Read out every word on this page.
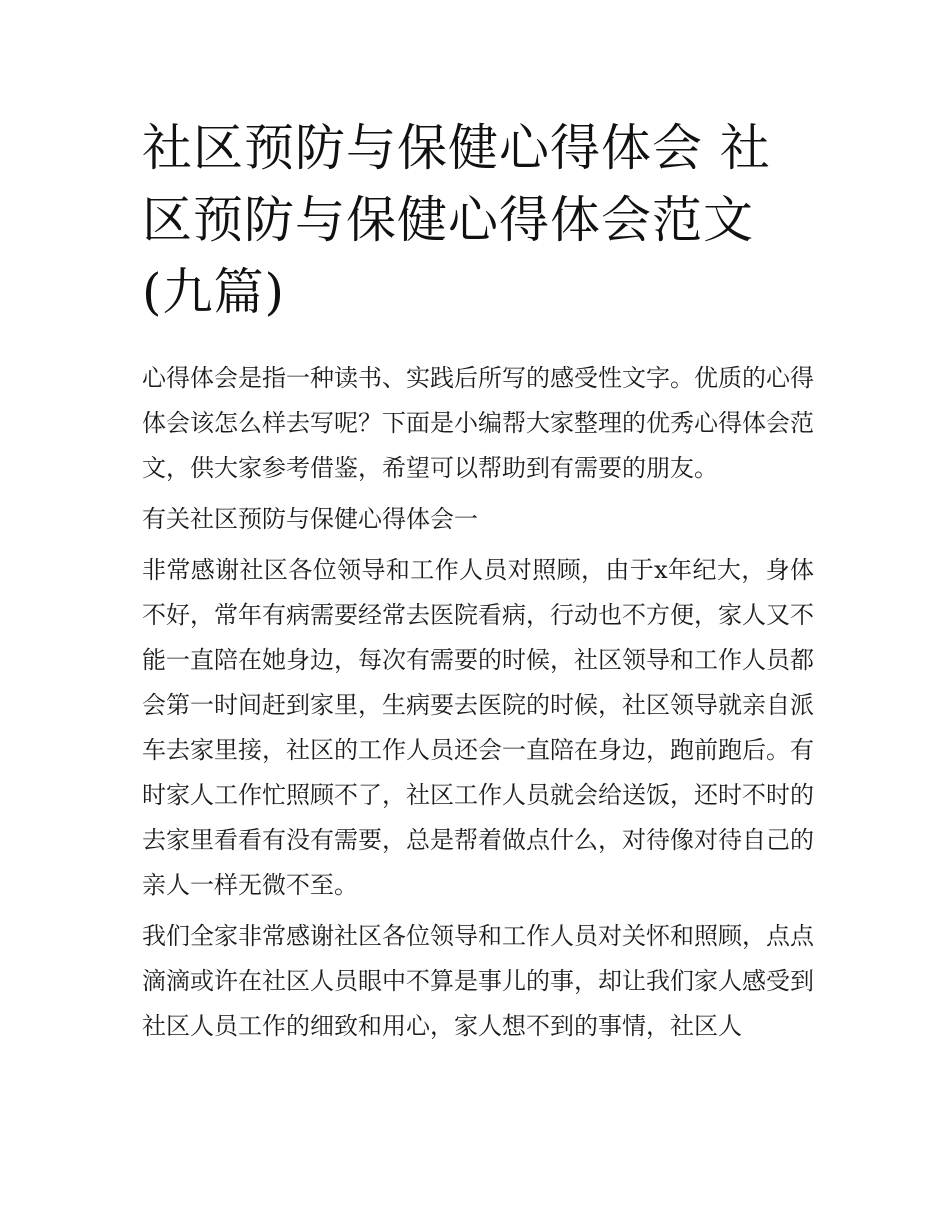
社区预防与保健心得体会 社区预防与保健心得体会范文(九篇)

心得体会是指一种读书、实践后所写的感受性文字。优质的心得体会该怎么样去写呢？下面是小编帮大家整理的优秀心得体会范文，供大家参考借鉴，希望可以帮助到有需要的朋友。

有关社区预防与保健心得体会一

非常感谢社区各位领导和工作人员对照顾，由于x年纪大，身体不好，常年有病需要经常去医院看病，行动也不方便，家人又不能一直陪在她身边，每次有需要的时候，社区领导和工作人员都会第一时间赶到家里，生病要去医院的时候，社区领导就亲自派车去家里接，社区的工作人员还会一直陪在身边，跑前跑后。有时家人工作忙照顾不了，社区工作人员就会给送饭，还时不时的去家里看看有没有需要，总是帮着做点什么，对待像对待自己的亲人一样无微不至。

我们全家非常感谢社区各位领导和工作人员对关怀和照顾，点点滴滴或许在社区人员眼中不算是事儿的事，却让我们家人感受到社区人员工作的细致和用心，家人想不到的事情，社区人
